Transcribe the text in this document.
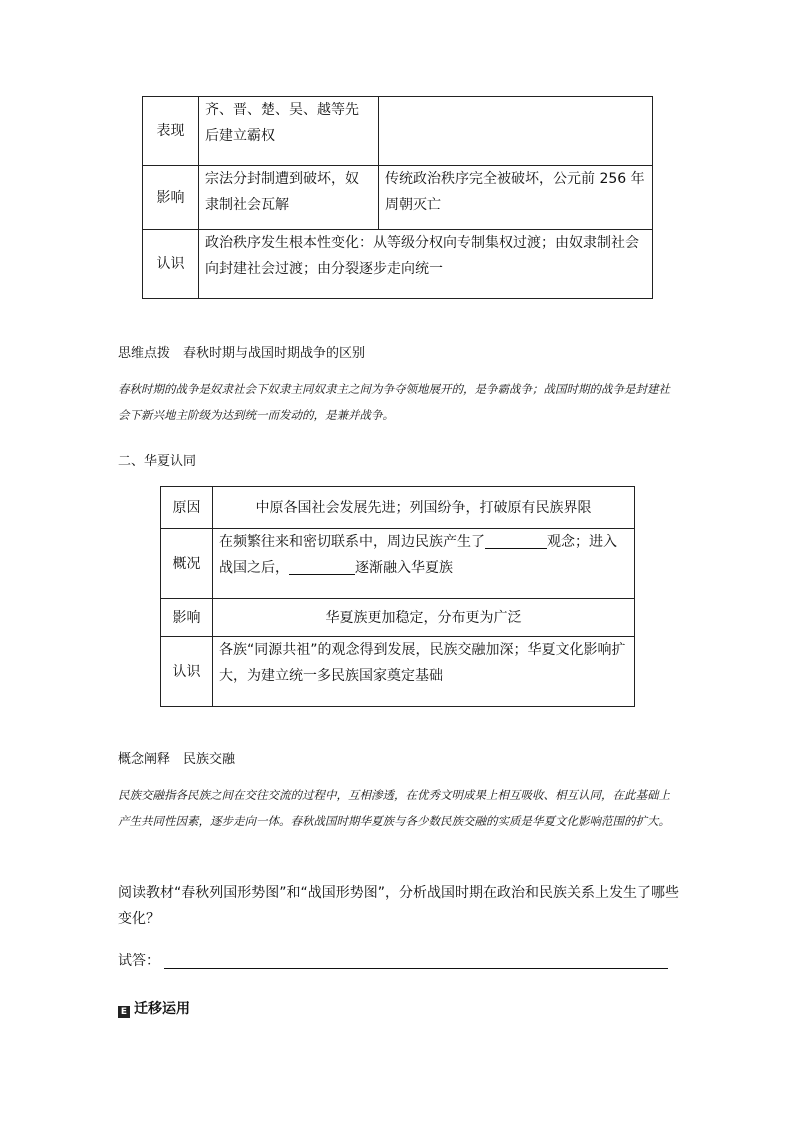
表现	齐、晋、楚、吴、越等先后建立霸权	
影响	宗法分封制遭到破坏，奴隶制社会瓦解	传统政治秩序完全被破坏，公元前 256 年周朝灭亡
认识	政治秩序发生根本性变化：从等级分权向专制集权过渡；由奴隶制社会向封建社会过渡；由分裂逐步走向统一	
思维点拨　春秋时期与战国时期战争的区别
春秋时期的战争是奴隶社会下奴隶主同奴隶主之间为争夺领地展开的，是争霸战争；战国时期的战争是封建社会下新兴地主阶级为达到统一而发动的，是兼并战争。
二、华夏认同
原因	中原各国社会发展先进；列国纷争，打破原有民族界限
概况	在频繁往来和密切联系中，周边民族产生了 观念；进入战国之后， 逐渐融入华夏族
影响	华夏族更加稳定，分布更为广泛
认识	各族“同源共祖”的观念得到发展，民族交融加深；华夏文化影响扩大，为建立统一多民族国家奠定基础
概念阐释　民族交融
民族交融指各民族之间在交往交流的过程中，互相渗透，在优秀文明成果上相互吸收、相互认同，在此基础上产生共同性因素，逐步走向一体。春秋战国时期华夏族与各少数民族交融的实质是华夏文化影响范围的扩大。
阅读教材“春秋列国形势图”和“战国形势图”，分析战国时期在政治和民族关系上发生了哪些变化？
试答：
E 迁移运用
